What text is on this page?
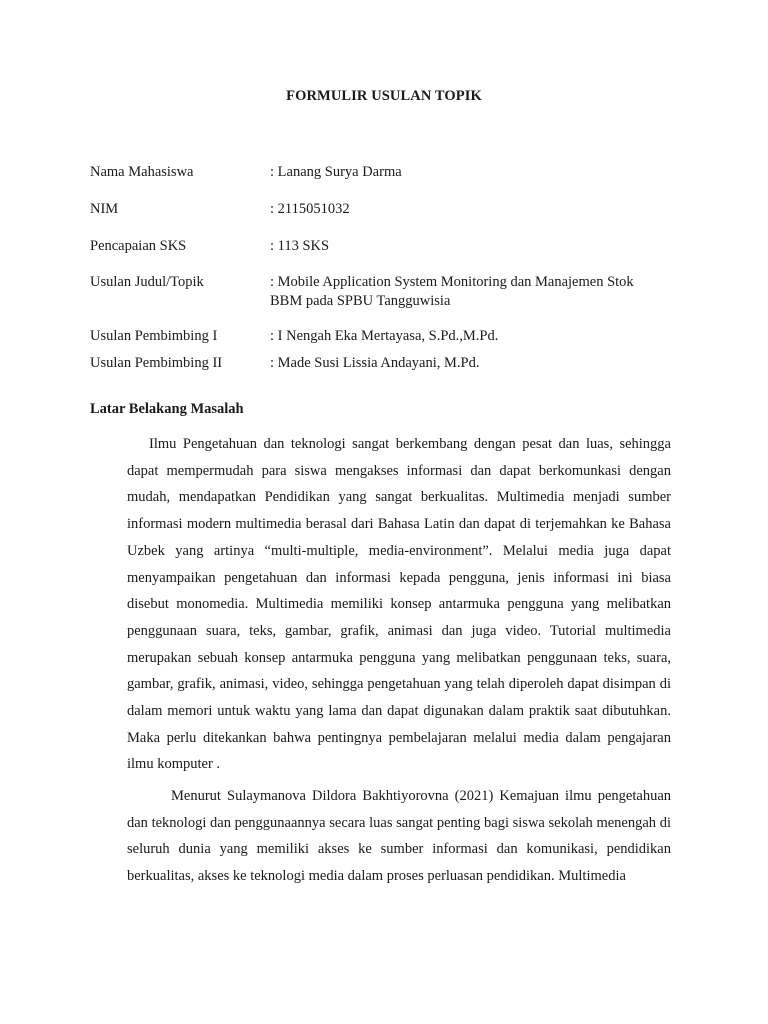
FORMULIR USULAN TOPIK
Nama Mahasiswa	: Lanang Surya Darma
NIM	: 2115051032
Pencapaian SKS	: 113 SKS
Usulan Judul/Topik	: Mobile Application System Monitoring dan Manajemen Stok BBM pada SPBU Tangguwisia
Usulan Pembimbing I	: I Nengah Eka Mertayasa, S.Pd.,M.Pd.
Usulan Pembimbing II	: Made Susi Lissia Andayani, M.Pd.
Latar Belakang Masalah

Ilmu Pengetahuan dan teknologi sangat berkembang dengan pesat dan luas, sehingga dapat mempermudah para siswa mengakses informasi dan dapat berkomunkasi dengan mudah, mendapatkan Pendidikan yang sangat berkualitas. Multimedia menjadi sumber informasi modern multimedia berasal dari Bahasa Latin dan dapat di terjemahkan ke Bahasa Uzbek yang artinya “multi-multiple, media-environment”. Melalui media juga dapat menyampaikan pengetahuan dan informasi kepada pengguna, jenis informasi ini biasa disebut monomedia. Multimedia memiliki konsep antarmuka pengguna yang melibatkan penggunaan suara, teks, gambar, grafik, animasi dan juga video. Tutorial multimedia merupakan sebuah konsep antarmuka pengguna yang melibatkan penggunaan teks, suara, gambar, grafik, animasi, video, sehingga pengetahuan yang telah diperoleh dapat disimpan di dalam memori untuk waktu yang lama dan dapat digunakan dalam praktik saat dibutuhkan. Maka perlu ditekankan bahwa pentingnya pembelajaran melalui media dalam pengajaran ilmu komputer .

Menurut Sulaymanova Dildora Bakhtiyorovna (2021) Kemajuan ilmu pengetahuan dan teknologi dan penggunaannya secara luas sangat penting bagi siswa sekolah menengah di seluruh dunia yang memiliki akses ke sumber informasi dan komunikasi, pendidikan berkualitas, akses ke teknologi media dalam proses perluasan pendidikan. Multimedia
